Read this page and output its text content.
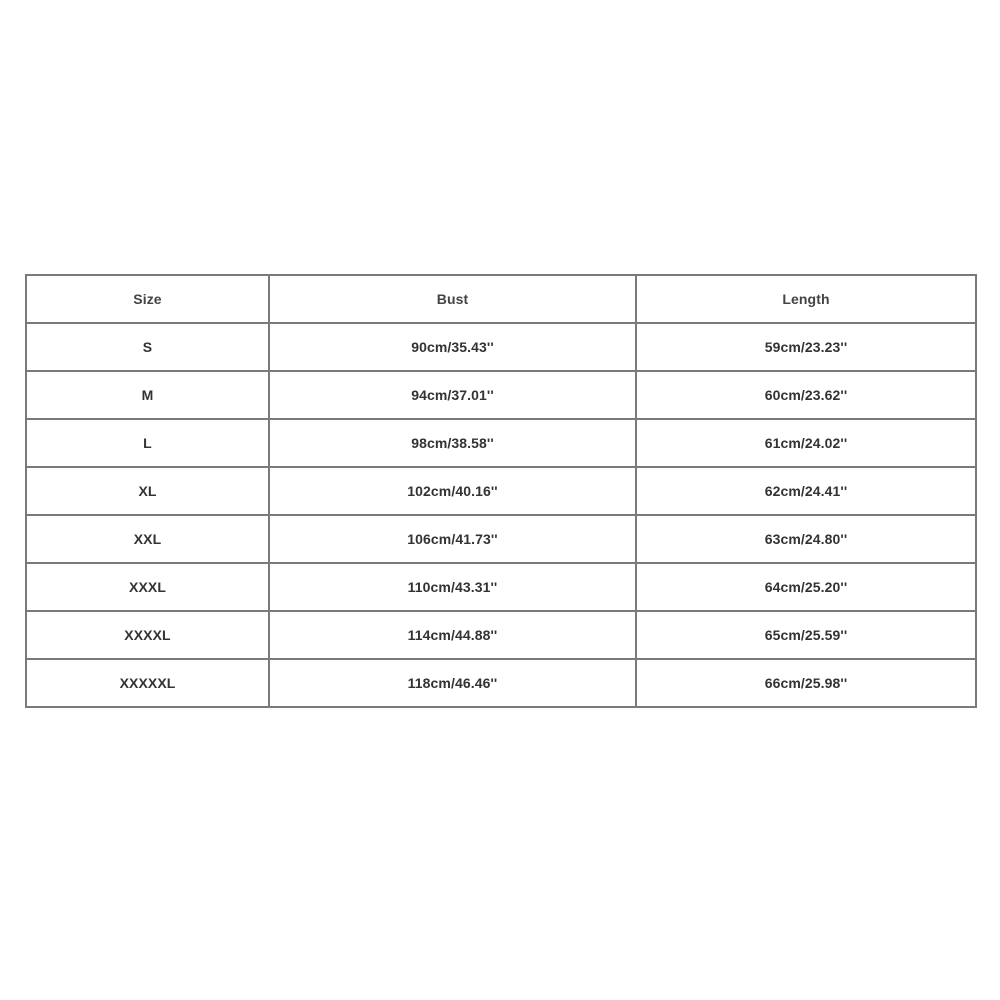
Size	Bust	Length
S	90cm/35.43''	59cm/23.23''
M	94cm/37.01''	60cm/23.62''
L	98cm/38.58''	61cm/24.02''
XL	102cm/40.16''	62cm/24.41''
XXL	106cm/41.73''	63cm/24.80''
XXXL	110cm/43.31''	64cm/25.20''
XXXXL	114cm/44.88''	65cm/25.59''
XXXXXL	118cm/46.46''	66cm/25.98''
